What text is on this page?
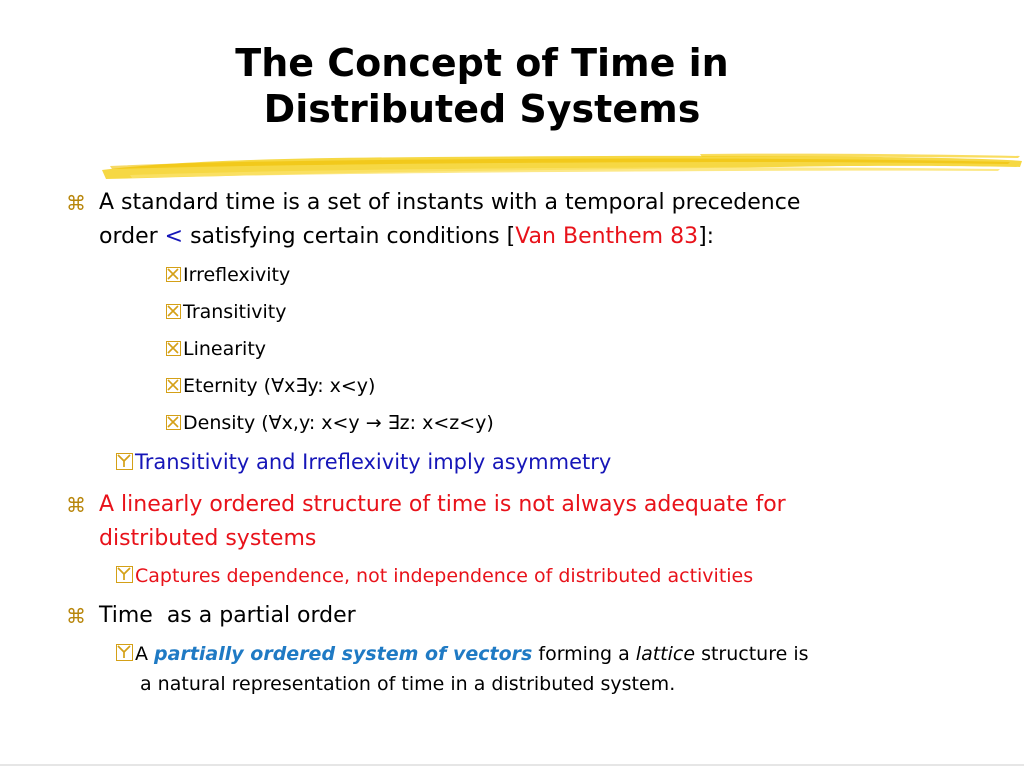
The Concept of Time in
Distributed Systems
⌘ A standard time is a set of instants with a temporal precedence
order < satisfying certain conditions [Van Benthem 83]:
Irreflexivity
Transitivity
Linearity
Eternity (∀x∃y: x<y)
Density (∀x,y: x<y → ∃z: x<z<y)
Transitivity and Irreflexivity imply asymmetry
⌘ A linearly ordered structure of time is not always adequate for
distributed systems
Captures dependence, not independence of distributed activities
⌘ Time  as a partial order
A partially ordered system of vectors forming a lattice structure is
a natural representation of time in a distributed system.
